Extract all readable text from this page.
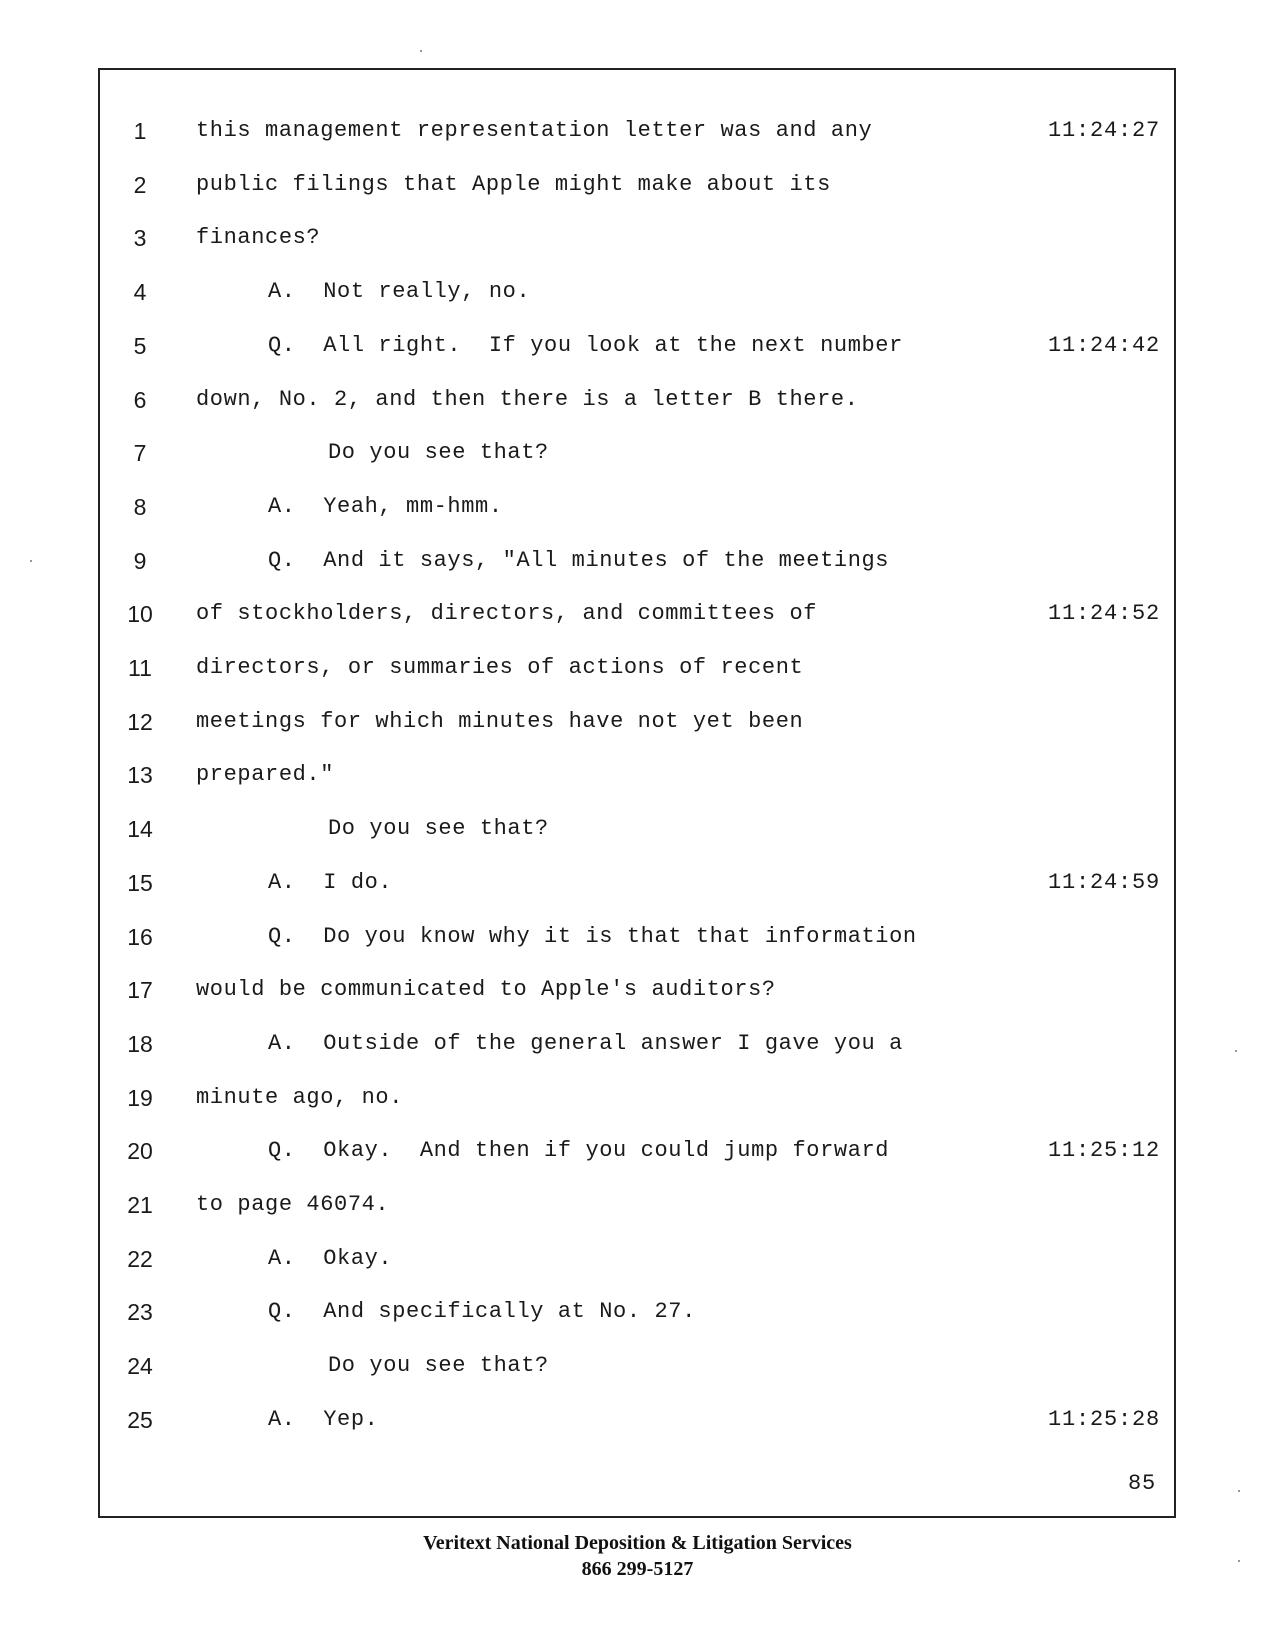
1	this management representation letter was and any	11:24:27
2	public filings that Apple might make about its
3	finances?
4	A.  Not really, no.
5	Q.  All right.  If you look at the next number	11:24:42
6	down, No. 2, and then there is a letter B there.
7	Do you see that?
8	A.  Yeah, mm-hmm.
9	Q.  And it says, "All minutes of the meetings
10	of stockholders, directors, and committees of	11:24:52
11	directors, or summaries of actions of recent
12	meetings for which minutes have not yet been
13	prepared."
14	Do you see that?
15	A.  I do.	11:24:59
16	Q.  Do you know why it is that that information
17	would be communicated to Apple's auditors?
18	A.  Outside of the general answer I gave you a
19	minute ago, no.
20	Q.  Okay.  And then if you could jump forward	11:25:12
21	to page 46074.
22	A.  Okay.
23	Q.  And specifically at No. 27.
24	Do you see that?
25	A.  Yep.	11:25:28
85
Veritext National Deposition & Litigation Services
866 299-5127
